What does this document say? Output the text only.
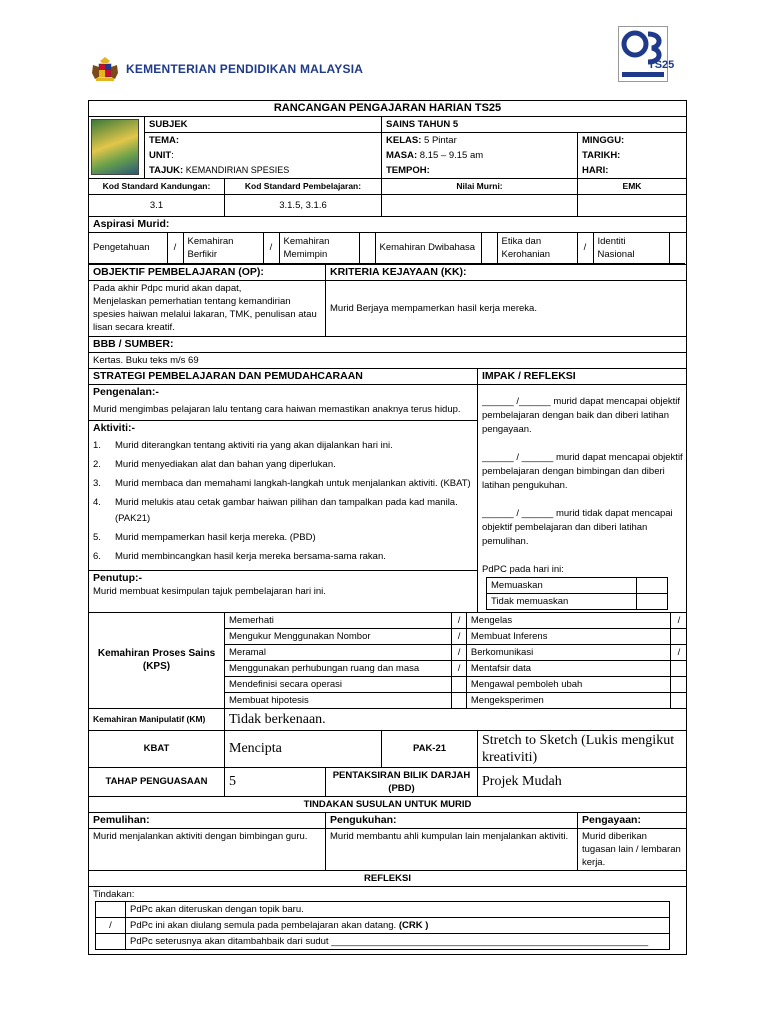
KEMENTERIAN PENDIDIKAN MALAYSIA	TS25
RANCANGAN PENGAJARAN HARIAN TS25

	SUBJEK	SAINS TAHUN 5
TEMA:	KELAS: 5 Pintar	MINGGU:
UNIT:	MASA: 8.15 – 9.15 am	TARIKH:
TAJUK: KEMANDIRIAN SPESIES	TEMPOH:	HARI:
Kod Standard Kandungan:	Kod Standard Pembelajaran:	Nilai Murni:	EMK
3.1	3.1.5, 3.1.6		
Aspirasi Murid:

Pengetahuan	/	Kemahiran Berfikir	/	Kemahiran Memimpin		Kemahiran Dwibahasa		Etika dan Kerohanian	/	Identiti Nasional	

OBJEKTIF PEMBELAJARAN (OP):	KRITERIA KEJAYAAN (KK):

Pada akhir Pdpc murid akan dapat,
Menjelaskan pemerhatian tentang kemandirian spesies haiwan melalui lakaran, TMK, penulisan atau lisan secara kreatif.
	Murid Berjaya mempamerkan hasil kerja mereka.
BBB / SUMBER:
Kertas. Buku teks m/s 69
STRATEGI PEMBELAJARAN DAN PEMUDAHCARAAN	IMPAK / REFLEKSI

Pengenalan:-
Murid mengimbas pelajaran lalu tentang cara haiwan memastikan anaknya terus hidup.
Aktiviti:-
1.	Murid diterangkan tentang aktiviti ria yang akan dijalankan hari ini.
2.	Murid menyediakan alat dan bahan yang diperlukan.
3.	Murid membaca dan memahami langkah-langkah untuk menjalankan aktiviti. (KBAT)
4.	Murid melukis atau cetak gambar haiwan pilihan dan tampalkan pada kad manila. (PAK21)
5.	Murid mempamerkan hasil kerja mereka. (PBD)
6.	Murid membincangkan hasil kerja mereka bersama-sama rakan.
Penutup:-
Murid membuat kesimpulan tajuk pembelajaran hari ini.

______ /______ murid dapat mencapai objektif pembelajaran dengan baik dan diberi latihan pengayaan.
______ / ______ murid dapat mencapai objektif pembelajaran dengan bimbingan dan diberi latihan pengukuhan.
______ / ______ murid tidak dapat mencapai objektif pembelajaran dan diberi latihan pemulihan.
PdPC pada hari ini:
Memuaskan	
Tidak memuaskan	

Kemahiran Proses Sains (KPS)	
Memerhati	/	Mengelas	/
Mengukur Menggunakan Nombor	/	Membuat Inferens	
Meramal	/	Berkomunikasi	/
Menggunakan perhubungan ruang dan masa	/	Mentafsir data	
Mendefinisi secara operasi		Mengawal pemboleh ubah	
Membuat hipotesis		Mengeksperimen	

Kemahiran Manipulatif (KM)	Tidak berkenaan.
KBAT	Mencipta	PAK-21	Stretch to Sketch (Lukis mengikut kreativiti)
TAHAP PENGUASAAN	5	PENTAKSIRAN BILIK DARJAH (PBD)	Projek Mudah
TINDAKAN SUSULAN UNTUK MURID
Pemulihan:	Pengukuhan:	Pengayaan:
Murid menjalankan aktiviti dengan bimbingan guru.	Murid membantu ahli kumpulan lain menjalankan aktiviti.	Murid diberikan tugasan lain / lembaran kerja.
REFLEKSI

Tindakan:
	PdPc akan diteruskan dengan topik baru.
/	PdPc ini akan diulang semula pada pembelajaran akan datang. (CRK )
	PdPc seterusnya akan ditambahbaik dari sudut ____________________________________________________________
